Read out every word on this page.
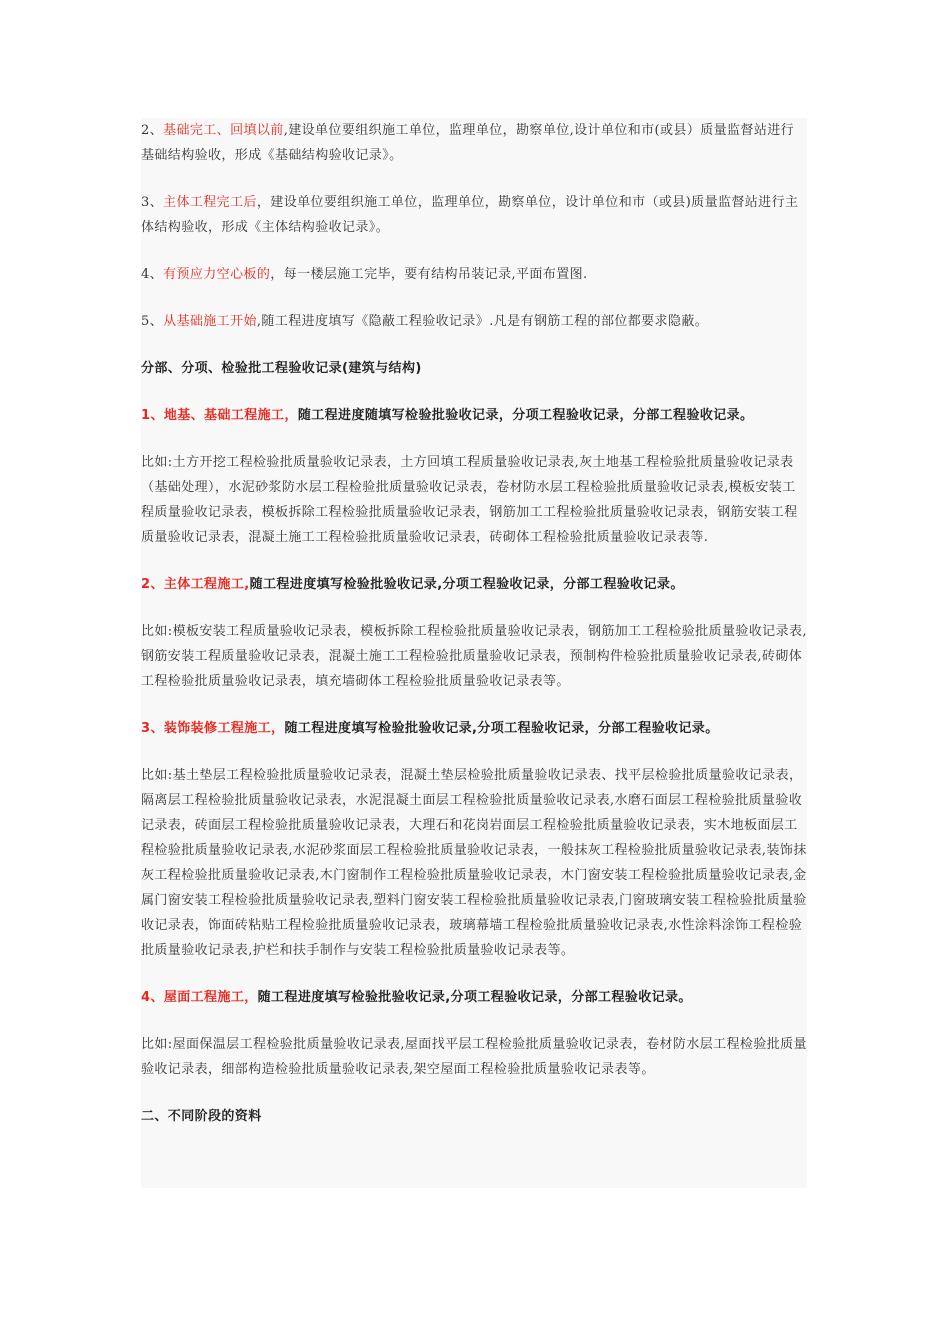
2、基础完工、回填以前,建设单位要组织施工单位，监理单位，勘察单位,设计单位和市(或县）质量监督站进行基础结构验收，形成《基础结构验收记录》。

3、主体工程完工后，建设单位要组织施工单位，监理单位，勘察单位，设计单位和市（或县)质量监督站进行主体结构验收，形成《主体结构验收记录》。

4、有预应力空心板的，每一楼层施工完毕，要有结构吊装记录,平面布置图.

5、从基础施工开始,随工程进度填写《隐蔽工程验收记录》.凡是有钢筋工程的部位都要求隐蔽。

分部、分项、检验批工程验收记录(建筑与结构)

1、地基、基础工程施工，随工程进度随填写检验批验收记录，分项工程验收记录，分部工程验收记录。

比如:土方开挖工程检验批质量验收记录表，土方回填工程质量验收记录表,灰土地基工程检验批质量验收记录表（基础处理），水泥砂浆防水层工程检验批质量验收记录表，卷材防水层工程检验批质量验收记录表,模板安装工程质量验收记录表，模板拆除工程检验批质量验收记录表，钢筋加工工程检验批质量验收记录表，钢筋安装工程质量验收记录表，混凝土施工工程检验批质量验收记录表，砖砌体工程检验批质量验收记录表等.

2、主体工程施工,随工程进度填写检验批验收记录,分项工程验收记录，分部工程验收记录。

比如:模板安装工程质量验收记录表，模板拆除工程检验批质量验收记录表，钢筋加工工程检验批质量验收记录表,钢筋安装工程质量验收记录表，混凝土施工工程检验批质量验收记录表，预制构件检验批质量验收记录表,砖砌体工程检验批质量验收记录表，填充墙砌体工程检验批质量验收记录表等。

3、装饰装修工程施工，随工程进度填写检验批验收记录,分项工程验收记录，分部工程验收记录。

比如:基土垫层工程检验批质量验收记录表，混凝土垫层检验批质量验收记录表、找平层检验批质量验收记录表，隔离层工程检验批质量验收记录表，水泥混凝土面层工程检验批质量验收记录表,水磨石面层工程检验批质量验收记录表，砖面层工程检验批质量验收记录表，大理石和花岗岩面层工程检验批质量验收记录表，实木地板面层工程检验批质量验收记录表,水泥砂浆面层工程检验批质量验收记录表，一般抹灰工程检验批质量验收记录表,装饰抹灰工程检验批质量验收记录表,木门窗制作工程检验批质量验收记录表，木门窗安装工程检验批质量验收记录表,金属门窗安装工程检验批质量验收记录表,塑料门窗安装工程检验批质量验收记录表,门窗玻璃安装工程检验批质量验收记录表，饰面砖粘贴工程检验批质量验收记录表，玻璃幕墙工程检验批质量验收记录表,水性涂料涂饰工程检验批质量验收记录表,护栏和扶手制作与安装工程检验批质量验收记录表等。

4、屋面工程施工，随工程进度填写检验批验收记录,分项工程验收记录，分部工程验收记录。

比如:屋面保温层工程检验批质量验收记录表,屋面找平层工程检验批质量验收记录表，卷材防水层工程检验批质量验收记录表，细部构造检验批质量验收记录表,架空屋面工程检验批质量验收记录表等。

二、不同阶段的资料
